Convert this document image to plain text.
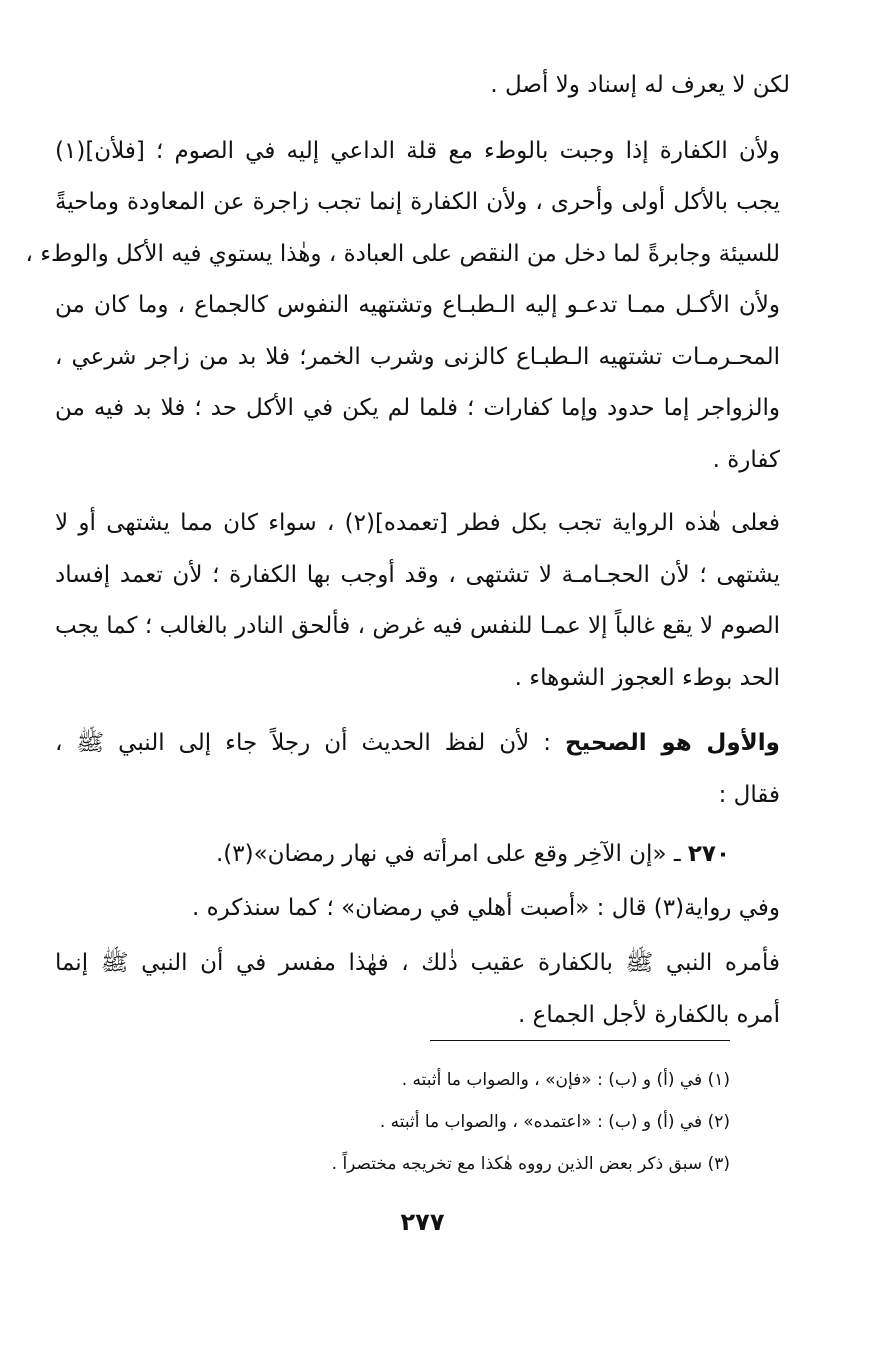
لكن لا يعرف له إسناد ولا أصل .

ولأن الكفارة إذا وجبت بالوطء مع قلة الداعي إليه في الصوم ؛ [فلأن](١)
يجب بالأكل أولى وأحرى ، ولأن الكفارة إنما تجب زاجرة عن المعاودة وماحيةً
للسيئة وجابرةً لما دخل من النقص على العبادة ، وهٰذا يستوي فيه الأكل والوطء ،
ولأن الأكـل ممـا تدعـو إليه الـطبـاع وتشتهيه النفوس كالجماع ، وما كان من
المحـرمـات تشتهيه الـطبـاع كالزنى وشرب الخمر؛ فلا بد من زاجر شرعي ،
والزواجر إما حدود وإما كفارات ؛ فلما لم يكن في الأكل حد ؛ فلا بد فيه من
كفارة .

فعلى هٰذه الرواية تجب بكل فطر [تعمده](٢) ، سواء كان مما يشتهى أو لا
يشتهى ؛ لأن الحجـامـة لا تشتهى ، وقد أوجب بها الكفارة ؛ لأن تعمد إفساد
الصوم لا يقع غالباً إلا عمـا للنفس فيه غرض ، فألحق النادر بالغالب ؛ كما يجب
الحد بوطء العجوز الشوهاء .

والأول هو الصحيح : لأن لفظ الحديث أن رجلاً جاء إلى النبي ﷺ ،
فقال :

٢٧٠ ـ «إن الآخِر وقع على امرأته في نهار رمضان»(٣).

وفي رواية(٣) قال : «أصبت أهلي في رمضان» ؛ كما سنذكره .

فأمره النبي ﷺ بالكفارة عقيب ذٰلك ، فهٰذا مفسر في أن النبي ﷺ إنما
أمره بالكفارة لأجل الجماع .

(١) في (أ) و (ب) : «فإن» ، والصواب ما أثبته .
(٢) في (أ) و (ب) : «اعتمده» ، والصواب ما أثبته .
(٣) سبق ذكر بعض الذين رووه هٰكذا مع تخريجه مختصراً .
٢٧٧
